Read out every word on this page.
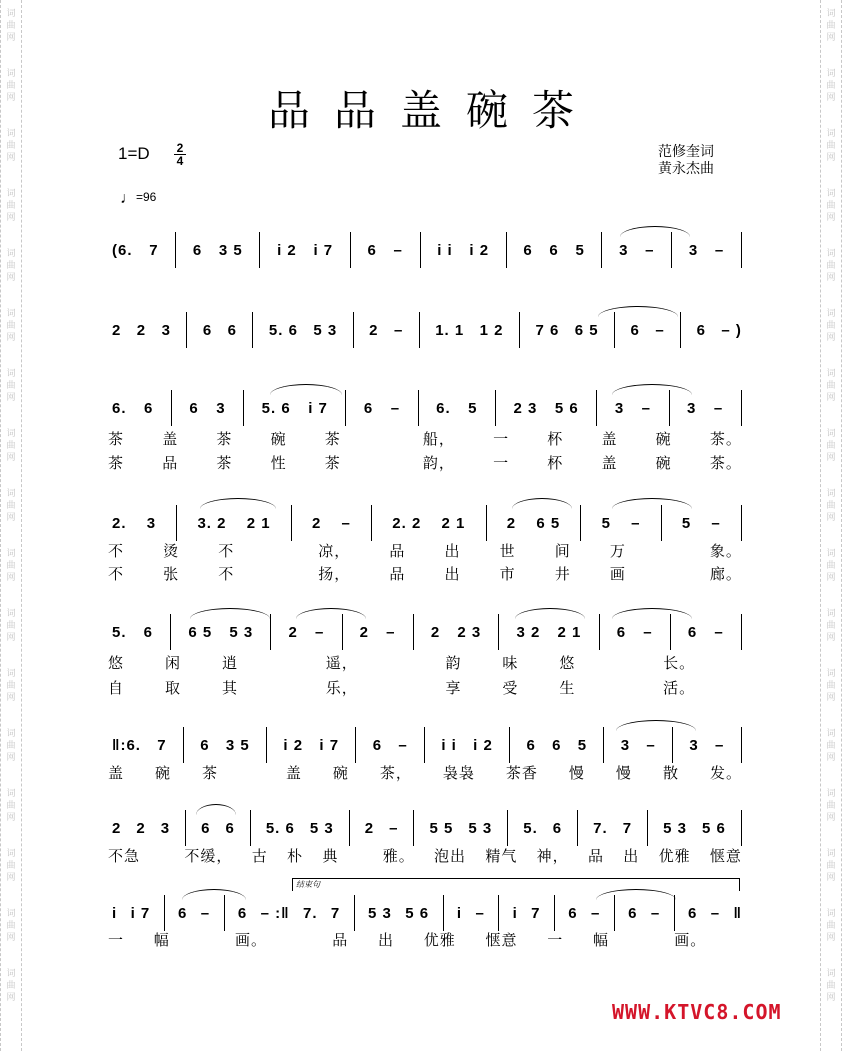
词
曲
网
词
曲
网
词
曲
网
词
曲
网
词
曲
网
词
曲
网
词
曲
网
词
曲
网
词
曲
网
词
曲
网
词
曲
网
词
曲
网
词
曲
网
词
曲
网
词
曲
网
词
曲
网
词
曲
网
词
曲
网
词
曲
网
词
曲
网
词
曲
网
词
曲
网
词
曲
网
词
曲
网
词
曲
网
词
曲
网
词
曲
网
词
曲
网
词
曲
网
词
曲
网
词
曲
网
词
曲
网
词
曲
网
词
曲
网
品品盖碗茶
1=D	2
4
范修奎词
黄永杰曲
♩=96
(6. 7 6 3 5 i 2 i 7 6 – i i i 2 6 6 5 3 – 3 –
2 2 3 6 6 5. 6 5 3 2 – 1. 1 1 2 7 6 6 5 6 – 6 – )
6. 6 6 3 5. 6 i 7 6 – 6. 5 2 3 5 6 3 – 3 –
2. 3	3. 2 2 1	2 –	2. 2 2 1	2 6 5	5 –	5 –
5. 6 6 5 5 3 2 – 2 – 2 2 3 3 2 2 1 6 – 6 –
‖:6. 7 6 3 5 i 2 i 7 6 – i i i 2 6 6 5 3 – 3 –
2 2 3 6 6 5. 6 5 3 2 – 5 5 5 3 5. 6 7. 7 5 3 5 6
i i 7 6 – 6 – :‖ 7. 7 5 3 5 6 i – i 7 6 – 6 – 6 – ‖
茶	盖	茶	碗	茶
	船，	一	杯	盖	碗	茶。
茶	品	茶	性	茶
	韵，	一	杯	盖	碗	茶。
不	烫	不
	凉，	品	出	世	间	万
	象。
不	张	不
	扬，	品	出	市	井	画
	廊。
悠	闲	逍
	遥，
	韵	味	悠
	长。

自	取	其
	乐，
	享	受	生
	活。

盖 碗 茶
	盖 碗 茶， 袅袅 茶香 慢 慢 散 发。
不急
	不缓， 古 朴 典
	雅。 泡出 精气 神， 品 出 优雅 惬意
一 幅
	画。
	品 出 优雅 惬意 一 幅
	画。

结束句
WWW.KTVC8.COM
